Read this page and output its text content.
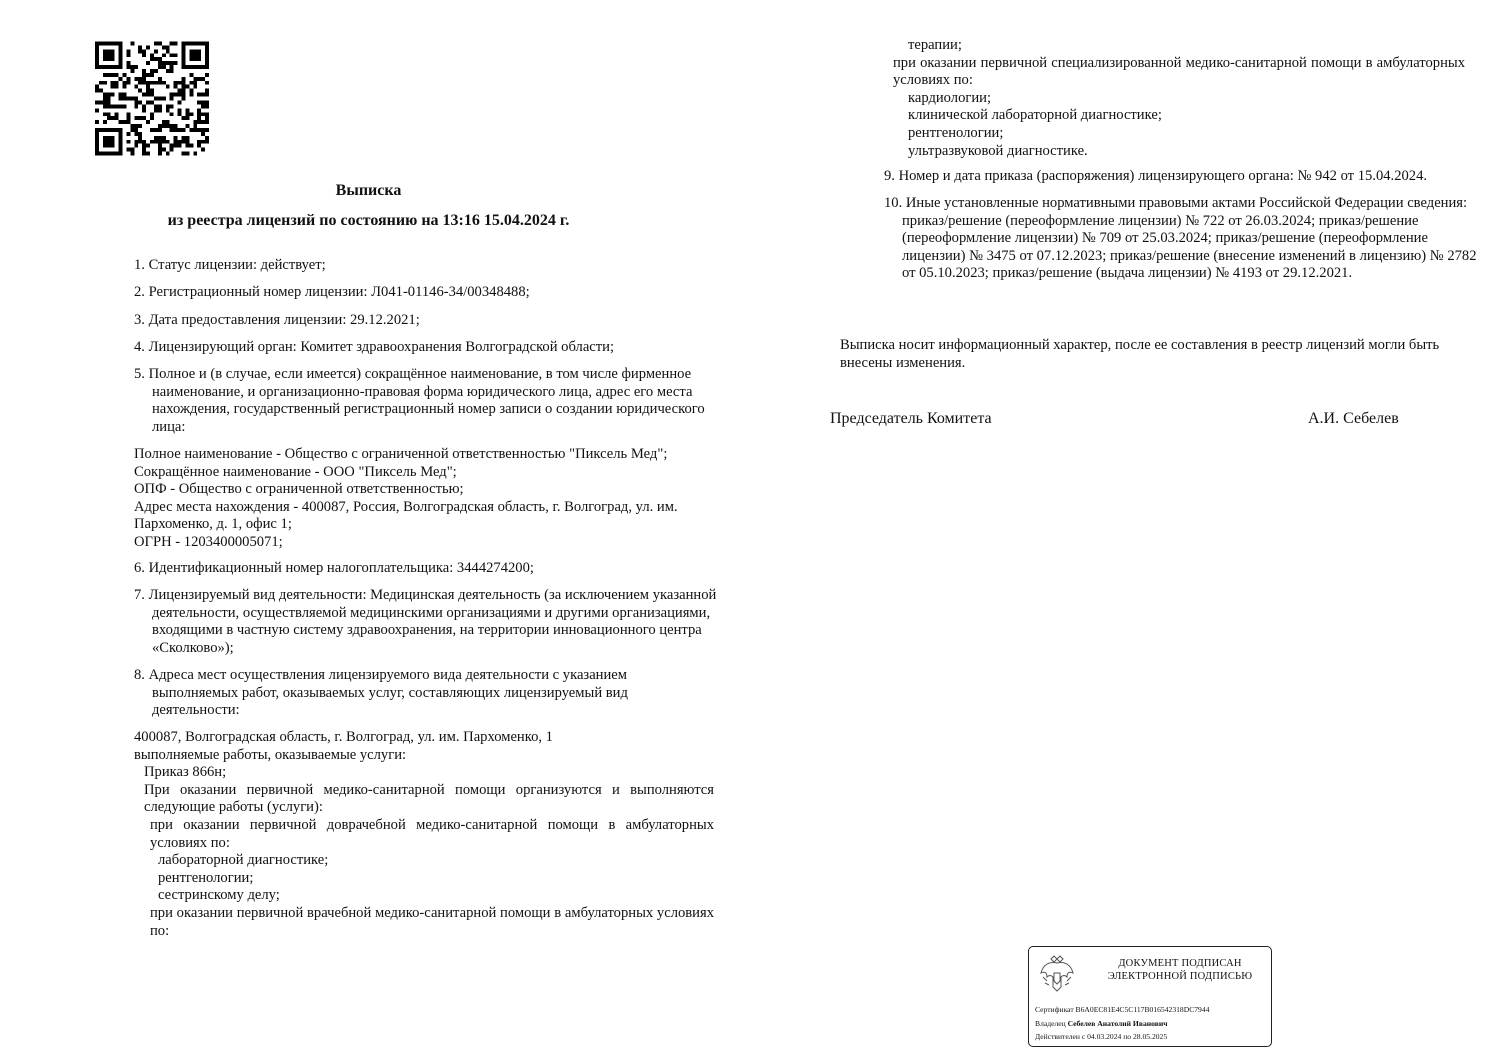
Выписка

из реестра лицензий по состоянию на 13:16 15.04.2024 г.

1. Статус лицензии: действует;

2. Регистрационный номер лицензии: Л041-01146-34/00348488;

3. Дата предоставления лицензии: 29.12.2021;

4. Лицензирующий орган: Комитет здравоохранения Волгоградской области;

5. Полное и (в случае, если имеется) сокращённое наименование, в том числе фирменное наименование, и организационно-правовая форма юридического лица, адрес его места нахождения, государственный регистрационный номер записи о создании юридического лица:

Полное наименование - Общество с ограниченной ответственностью "Пиксель Мед";

Сокращённое наименование - ООО "Пиксель Мед";

ОПФ - Общество с ограниченной ответственностью;

Адрес места нахождения - 400087, Россия, Волгоградская область, г. Волгоград, ул. им. Пархоменко, д. 1, офис 1;

ОГРН - 1203400005071;

6. Идентификационный номер налогоплательщика: 3444274200;

7. Лицензируемый вид деятельности: Медицинская деятельность (за исключением указанной деятельности, осуществляемой медицинскими организациями и другими организациями, входящими в частную систему здравоохранения, на территории инновационного центра «Сколково»);

8. Адреса мест осуществления лицензируемого вида деятельности с указанием выполняемых работ, оказываемых услуг, составляющих лицензируемый вид деятельности:

400087, Волгоградская область, г. Волгоград, ул. им. Пархоменко, 1

выполняемые работы, оказываемые услуги:

Приказ 866н;

При оказании первичной медико-санитарной помощи организуются и выполняются следующие работы (услуги):

при оказании первичной доврачебной медико-санитарной помощи в амбулаторных условиях по:

лабораторной диагностике;

рентгенологии;

сестринскому делу;

при оказании первичной врачебной медико-санитарной помощи в амбулаторных условиях по:

терапии;

при оказании первичной специализированной медико-санитарной помощи в амбулаторных условиях по:

кардиологии;

клинической лабораторной диагностике;

рентгенологии;

ультразвуковой диагностике.

9. Номер и дата приказа (распоряжения) лицензирующего органа: № 942 от 15.04.2024.

10. Иные установленные нормативными правовыми актами Российской Федерации сведения: приказ/решение (переоформление лицензии) № 722 от 26.03.2024; приказ/решение (переоформление лицензии) № 709 от 25.03.2024; приказ/решение (переоформление лицензии) № 3475 от 07.12.2023; приказ/решение (внесение изменений в лицензию) № 2782 от 05.10.2023; приказ/решение (выдача лицензии) № 4193 от 29.12.2021.

Выписка носит информационный характер, после ее составления в реестр лицензий могли быть внесены изменения.

Председатель Комитета	А.И. Себелев

ДОКУМЕНТ ПОДПИСАН
ЭЛЕКТРОННОЙ ПОДПИСЬЮ
Сертификат B6A0EC81E4C5C117B016542318DC7944
Владелец Себелев Анатолий Иванович
Действителен с 04.03.2024 по 28.05.2025
